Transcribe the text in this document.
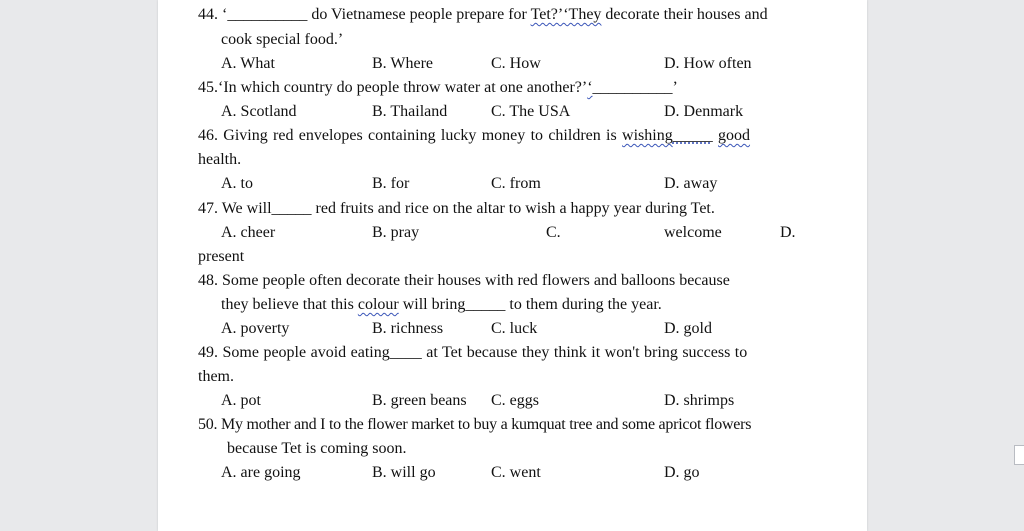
44. ‘__________ do Vietnamese people prepare for Tet?’‘They decorate their houses and
cook special food.’
A. What	B. Where	C. How	D. How often
45.‘In which country do people throw water at one another?’‘__________’
A. Scotland	B. Thailand	C. The USA	D. Denmark
46. Giving red envelopes containing lucky money to children is wishing_____ good
health.
A. to	B. for	C. from	D. away
47. We will_____ red fruits and rice on the altar to wish a happy year during Tet.
A. cheer	B. pray	C.	welcome	D.
present
48. Some people often decorate their houses with red flowers and balloons because
they believe that this colour will bring_____ to them during the year.
A. poverty	B. richness	C. luck	D. gold
49. Some people avoid eating____ at Tet because they think it won't bring success to
them.
A. pot	B. green beans C. eggs	D. shrimps
50. My mother and I to the flower market to buy a kumquat tree and some apricot flowers
because Tet is coming soon.
A. are going	B. will go	C. went	D. go
